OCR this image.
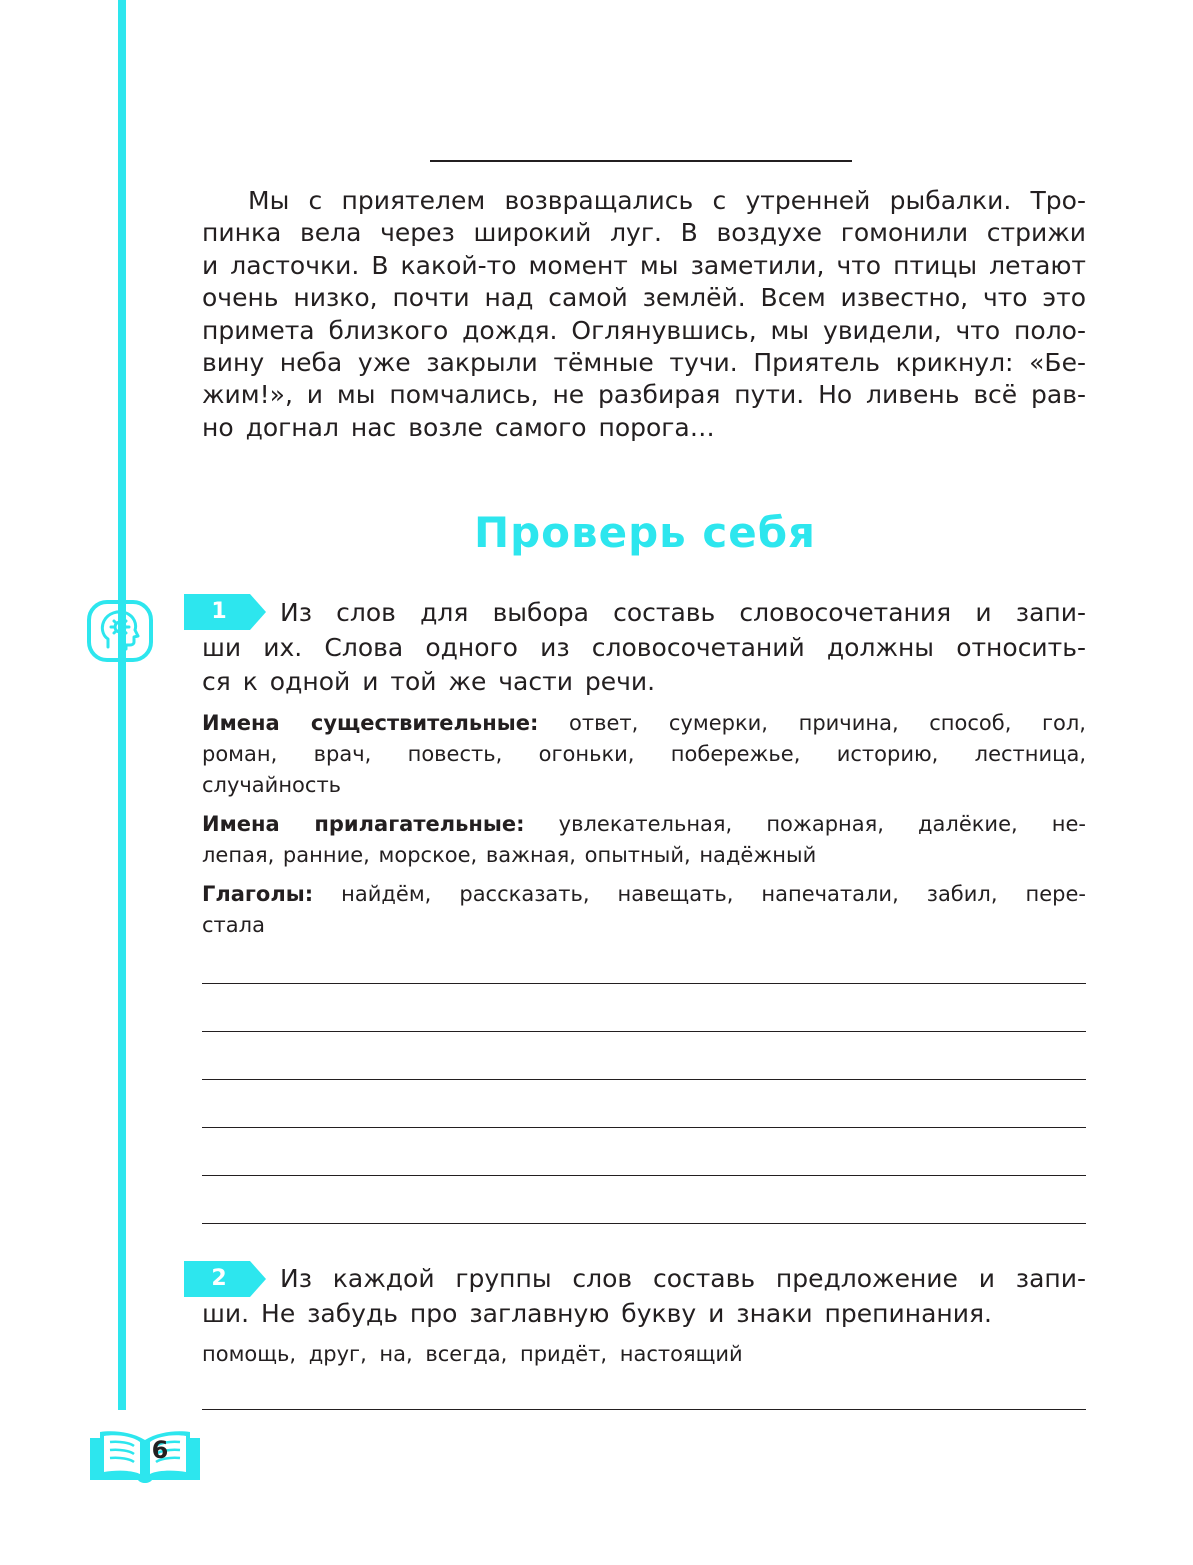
Мы с приятелем возвращались с утренней рыбалки. Тро-
пинка вела через широкий луг. В воздухе гомонили стрижи
и ласточки. В какой-то момент мы заметили, что птицы летают
очень низко, почти над самой землёй. Всем известно, что это
примета близкого дождя. Оглянувшись, мы увидели, что поло-
вину неба уже закрыли тёмные тучи. Приятель крикнул: «Бе-
жим!», и мы помчались, не разбирая пути. Но ливень всё рав-
но догнал нас возле самого порога…

Проверь себя
1	Из слов для выбора составь словосочетания и запи-
ши их. Слова одного из словосочетаний должны относить-
ся к одной и той же части речи.
Имена существительные: ответ, сумерки, причина, способ, гол,
роман, врач, повесть, огоньки, побережье, историю, лестница,
случайность
Имена прилагательные: увлекательная, пожарная, далёкие, не-
лепая, ранние, морское, важная, опытный, надёжный
Глаголы: найдём, рассказать, навещать, напечатали, забил, пере-
стала
2	Из каждой группы слов составь предложение и запи-
ши. Не забудь про заглавную букву и знаки препинания.
помощь, друг, на, всегда, придёт, настоящий
6
